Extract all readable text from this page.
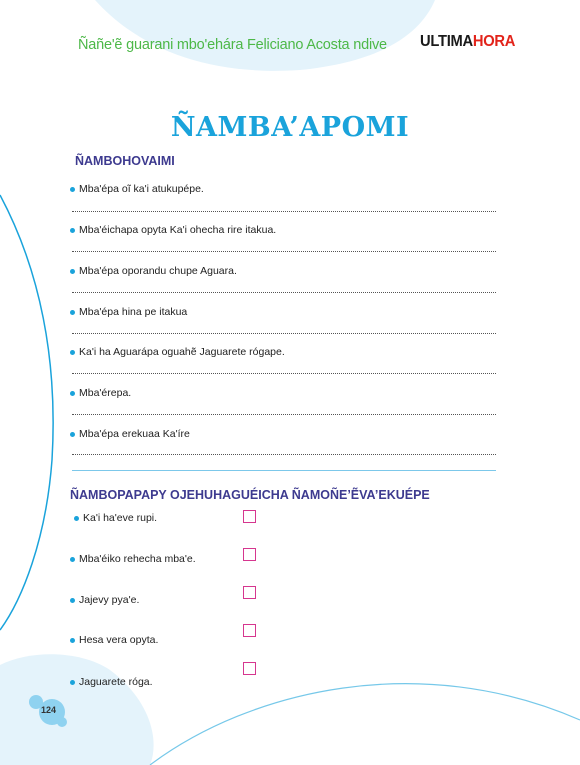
Ñañe'ẽ guarani mbo'ehára Feliciano Acosta ndive ULTIMAHORA
ÑAMBA’APOMI
ÑAMBOHOVAIMI
Mba'épa oĩ ka'i atukupépe.
Mba'éichapa opyta Ka'i ohecha rire itakua.
Mba'épa oporandu chupe Aguara.
Mba'épa hina pe itakua
Ka'i ha Aguarápa oguahẽ Jaguarete rógape.
Mba'érepa.
Mba'épa erekuaa Ka'íre
ÑAMBOPAPAPY OJEHUHAGUÉICHA ÑAMOÑE’ẼVA’EKUÉPE
Ka'i ha'eve rupi.
Mba'éiko rehecha mba'e.
Jajevy pya'e.
Hesa vera opyta.
Jaguarete róga.
124
